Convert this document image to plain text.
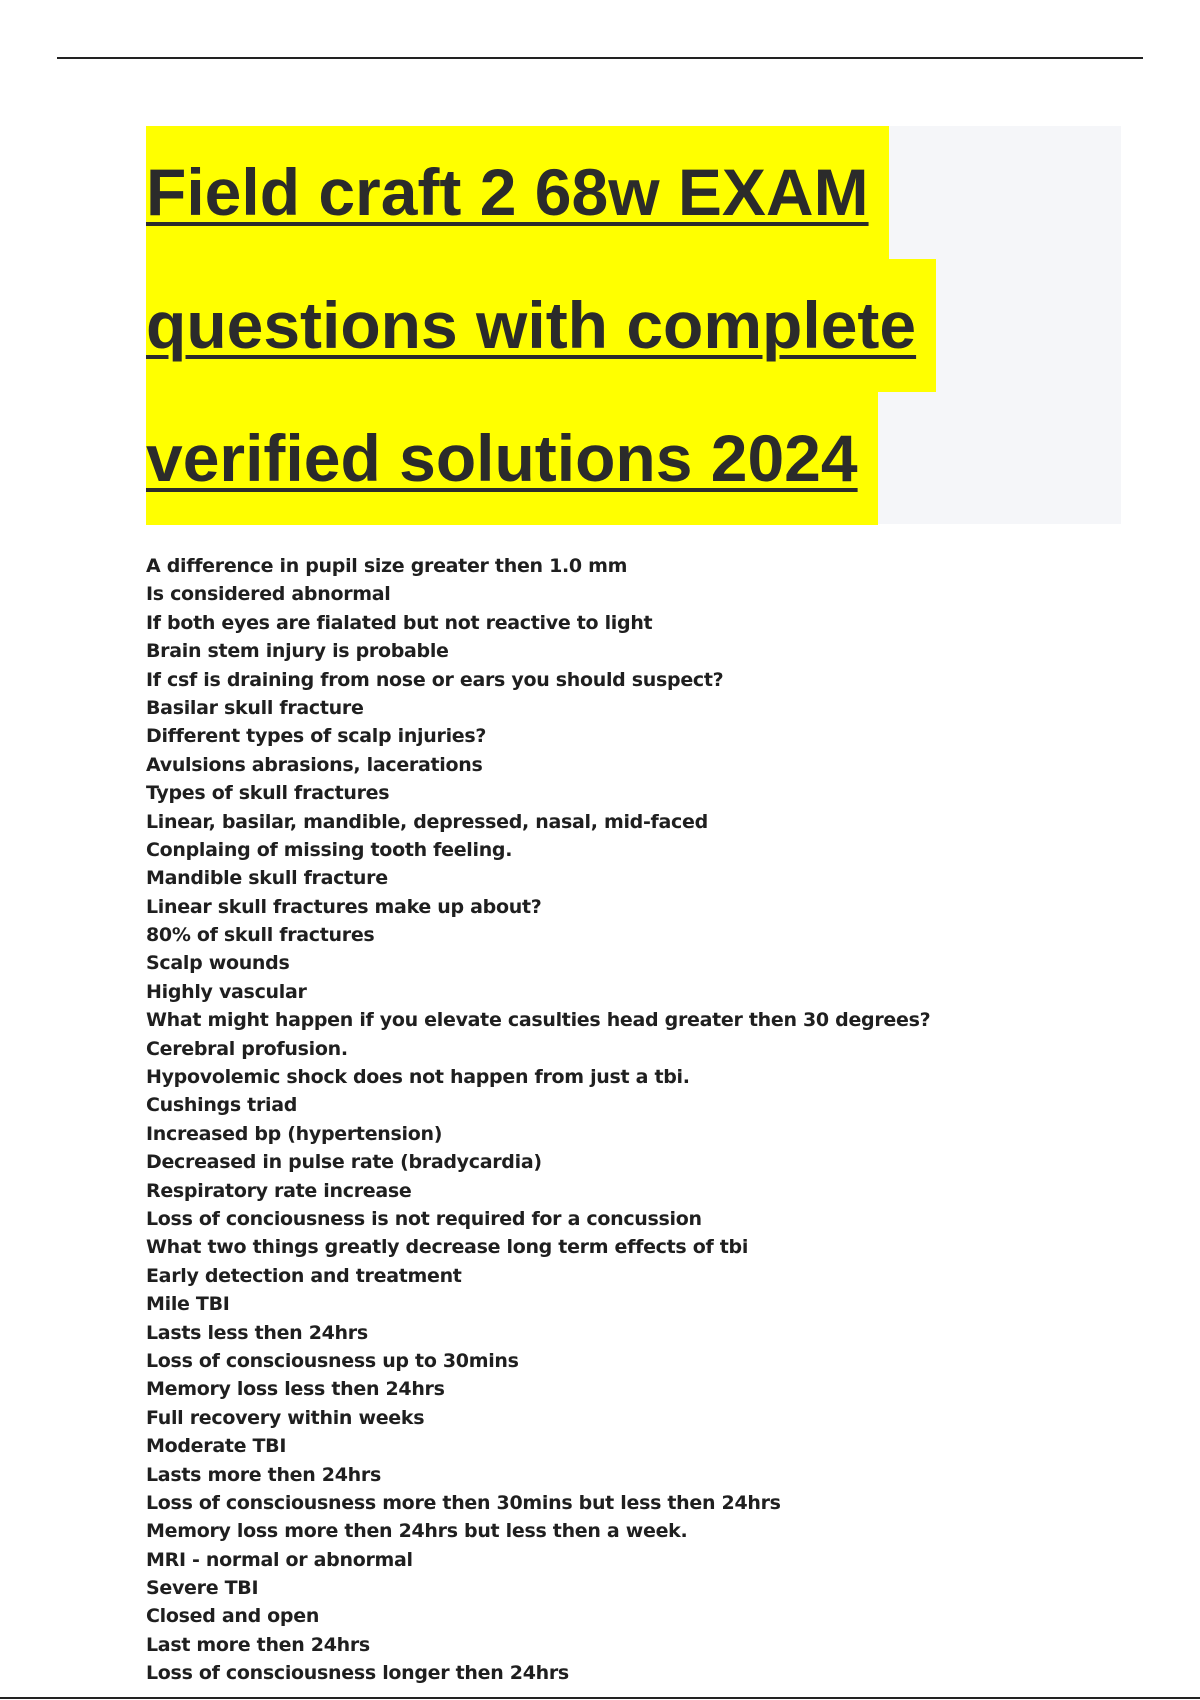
Field craft 2 68w EXAM
questions with complete
verified solutions 2024
A difference in pupil size greater then 1.0 mm
Is considered abnormal
If both eyes are fialated but not reactive to light
Brain stem injury is probable
If csf is draining from nose or ears you should suspect?
Basilar skull fracture
Different types of scalp injuries?
Avulsions abrasions, lacerations
Types of skull fractures
Linear, basilar, mandible, depressed, nasal, mid-faced
Conplaing of missing tooth feeling.
Mandible skull fracture
Linear skull fractures make up about?
80% of skull fractures
Scalp wounds
Highly vascular
What might happen if you elevate casulties head greater then 30 degrees?
Cerebral profusion.
Hypovolemic shock does not happen from just a tbi.
Cushings triad
Increased bp (hypertension)
Decreased in pulse rate (bradycardia)
Respiratory rate increase
Loss of conciousness is not required for a concussion
What two things greatly decrease long term effects of tbi
Early detection and treatment
Mile TBI
Lasts less then 24hrs
Loss of consciousness up to 30mins
Memory loss less then 24hrs
Full recovery within weeks
Moderate TBI
Lasts more then 24hrs
Loss of consciousness more then 30mins but less then 24hrs
Memory loss more then 24hrs but less then a week.
MRI - normal or abnormal
Severe TBI
Closed and open
Last more then 24hrs
Loss of consciousness longer then 24hrs
